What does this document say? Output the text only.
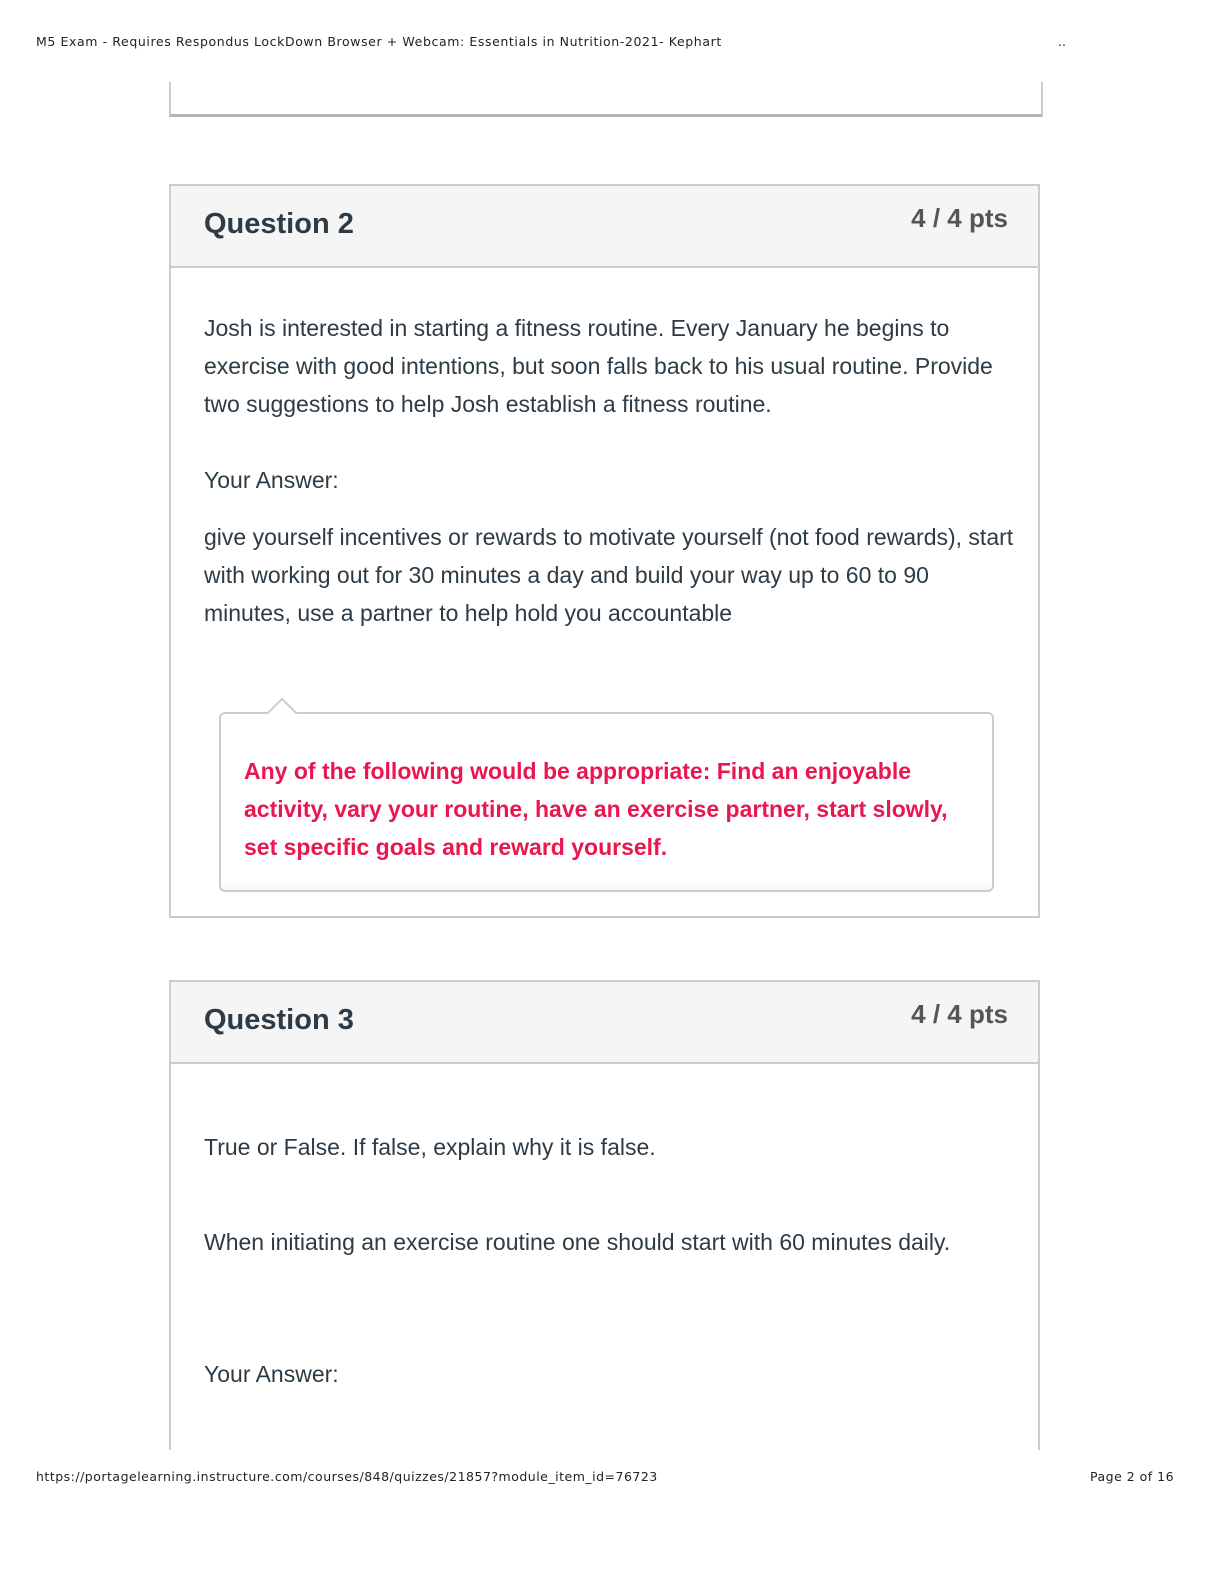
M5 Exam - Requires Respondus LockDown Browser + Webcam: Essentials in Nutrition-2021- Kephart	..
Question 2	4 / 4 pts
Josh is interested in starting a fitness routine. Every January he begins to exercise with good intentions, but soon falls back to his usual routine. Provide two suggestions to help Josh establish a fitness routine.
Your Answer:
give yourself incentives or rewards to motivate yourself (not food rewards), start with working out for 30 minutes a day and build your way up to 60 to 90 minutes, use a partner to help hold you accountable
Any of the following would be appropriate: Find an enjoyable activity, vary your routine, have an exercise partner, start slowly, set specific goals and reward yourself.
Question 3	4 / 4 pts
True or False. If false, explain why it is false.
When initiating an exercise routine one should start with 60 minutes daily.
Your Answer:
https://portagelearning.instructure.com/courses/848/quizzes/21857?module_item_id=76723	Page 2 of 16
